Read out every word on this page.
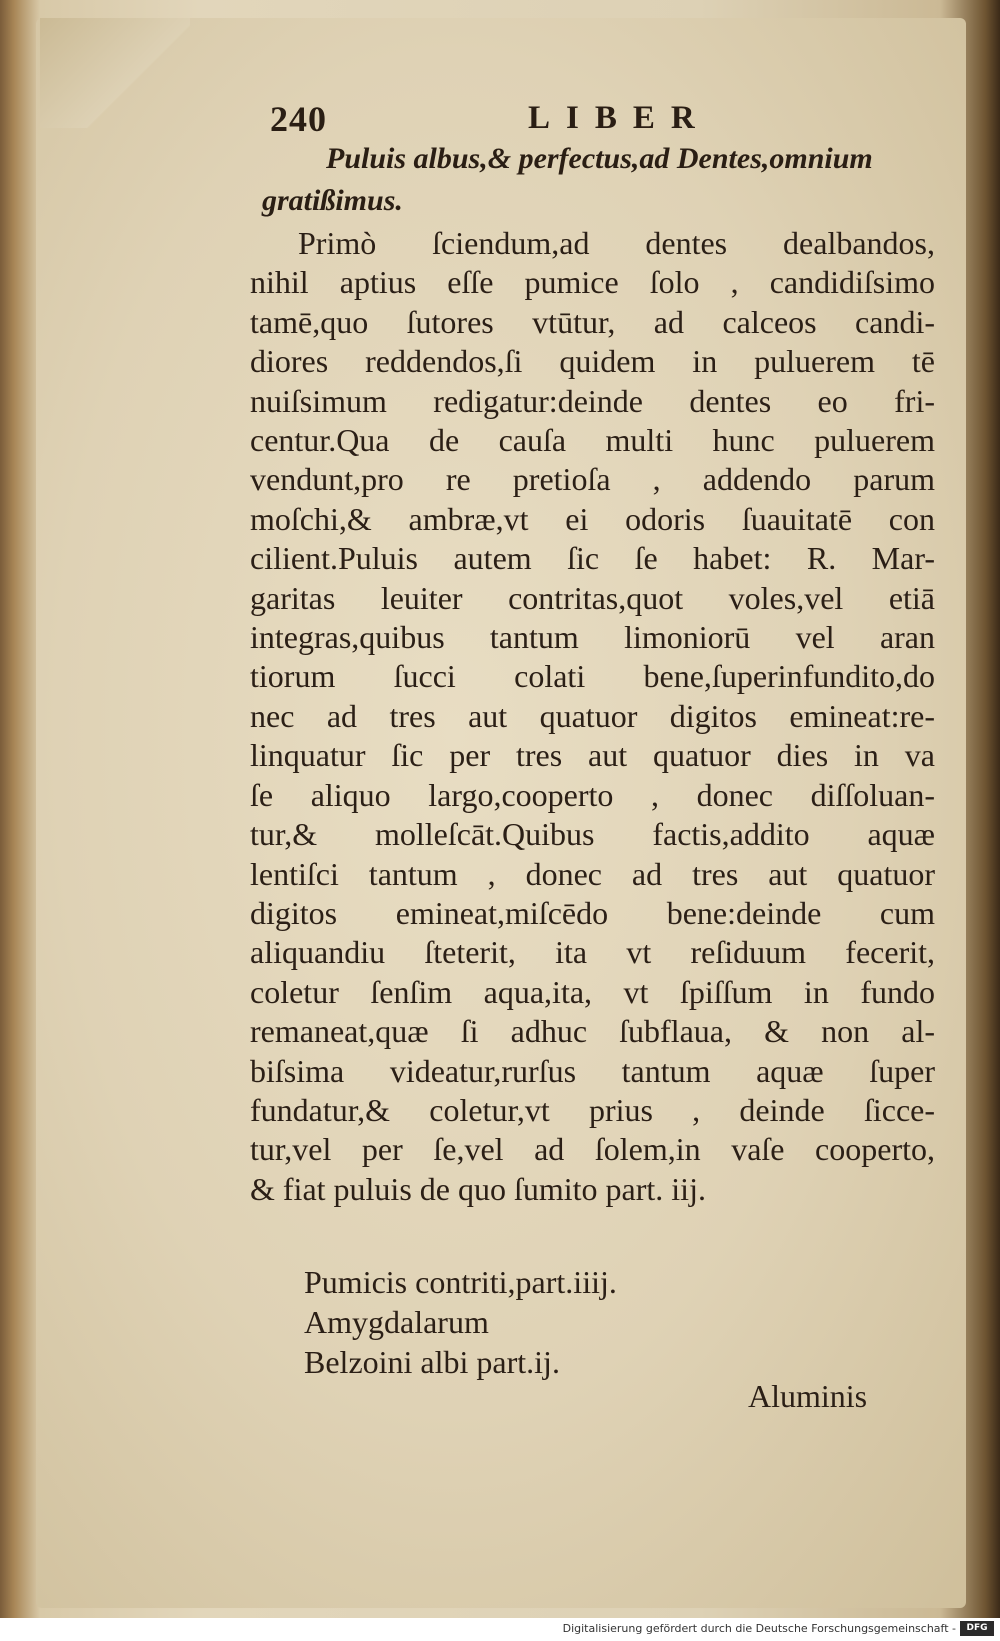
240	LIBER
Puluis albus,& perfectus,ad Dentes,omnium
gratißimus.
Primò ſciendum,ad dentes dealbandos,
nihil aptius eſſe pumice ſolo , candidiſsimo
tamē,quo ſutores vtūtur, ad calceos candi-
diores reddendos,ſi quidem in puluerem tē
nuiſsimum redigatur:deinde dentes eo fri-
centur.Qua de cauſa multi hunc puluerem
vendunt,pro re pretioſa , addendo parum
moſchi,& ambræ,vt ei odoris ſuauitatē con
cilient.Puluis autem ſic ſe habet: R. Mar-
garitas leuiter contritas,quot voles,vel etiā
integras,quibus tantum limoniorū vel aran
tiorum ſucci colati bene,ſuperinfundito,do
nec ad tres aut quatuor digitos emineat:re-
linquatur ſic per tres aut quatuor dies in va
ſe aliquo largo,cooperto , donec diſſoluan-
tur,& molleſcāt.Quibus factis,addito aquæ
lentiſci tantum , donec ad tres aut quatuor
digitos emineat,miſcēdo bene:deinde cum
aliquandiu ſteterit, ita vt reſiduum fecerit,
coletur ſenſim aqua,ita, vt ſpiſſum in fundo
remaneat,quæ ſi adhuc ſubflaua, & non al-
biſsima videatur,rurſus tantum aquæ ſuper
fundatur,& coletur,vt prius , deinde ſicce-
tur,vel per ſe,vel ad ſolem,in vaſe cooperto,
& fiat puluis de quo ſumito part. iij.
Pumicis contriti,part.iiij.
Amygdalarum
Belzoini albi part.ij.
Aluminis
Digitalisierung gefördert durch die Deutsche Forschungsgemeinschaft -	DFG
